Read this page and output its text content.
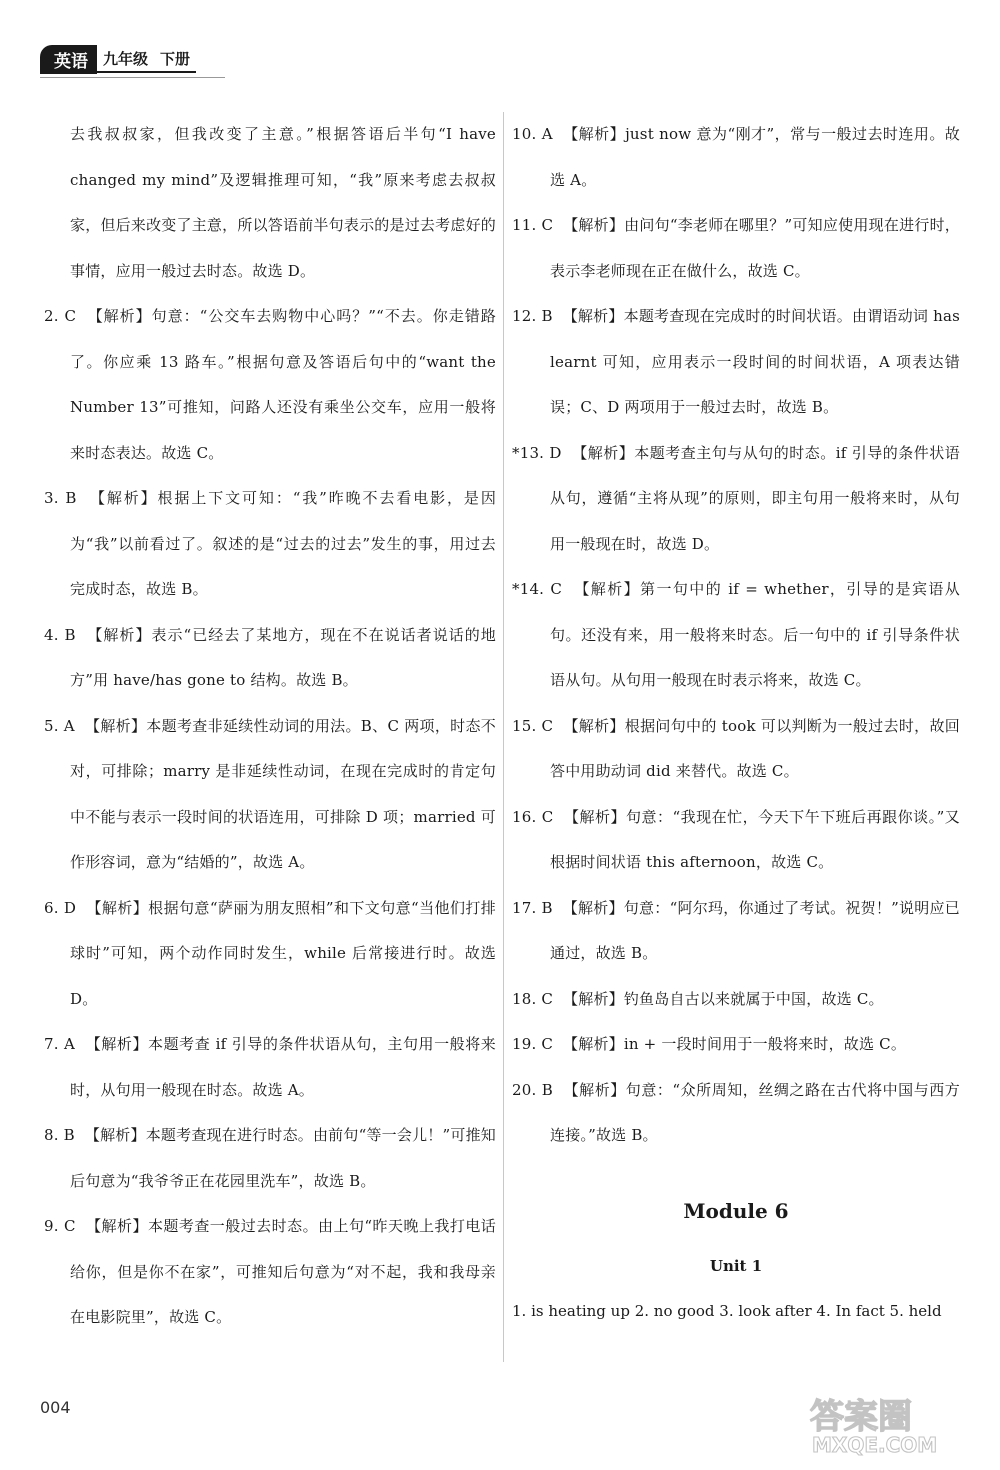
英语	九年级 下册

去我叔叔家，但我改变了主意。”根据答语后半句“I have changed my mind”及逻辑推理可知，“我”原来考虑去叔叔家，但后来改变了主意，所以答语前半句表示的是过去考虑好的事情，应用一般过去时态。故选 D。

2. C 【解析】句意：“公交车去购物中心吗？”“不去。你走错路了。你应乘 13 路车。”根据句意及答语后句中的“want the Number 13”可推知，问路人还没有乘坐公交车，应用一般将来时态表达。故选 C。

3. B 【解析】根据上下文可知：“我”昨晚不去看电影，是因为“我”以前看过了。叙述的是“过去的过去”发生的事，用过去完成时态，故选 B。

4. B 【解析】表示“已经去了某地方，现在不在说话者说话的地方”用 have/has gone to 结构。故选 B。

5. A 【解析】本题考查非延续性动词的用法。B、C 两项，时态不对，可排除；marry 是非延续性动词，在现在完成时的肯定句中不能与表示一段时间的状语连用，可排除 D 项；married 可作形容词，意为“结婚的”，故选 A。

6. D 【解析】根据句意“萨丽为朋友照相”和下文句意“当他们打排球时”可知，两个动作同时发生，while 后常接进行时。故选 D。

7. A 【解析】本题考查 if 引导的条件状语从句，主句用一般将来时，从句用一般现在时态。故选 A。

8. B 【解析】本题考查现在进行时态。由前句“等一会儿！”可推知后句意为“我爷爷正在花园里洗车”，故选 B。

9. C 【解析】本题考查一般过去时态。由上句“昨天晚上我打电话给你，但是你不在家”，可推知后句意为“对不起，我和我母亲在电影院里”，故选 C。

10. A 【解析】just now 意为“刚才”，常与一般过去时连用。故选 A。

11. C 【解析】由问句“李老师在哪里？”可知应使用现在进行时，表示李老师现在正在做什么，故选 C。

12. B 【解析】本题考查现在完成时的时间状语。由谓语动词 has learnt 可知，应用表示一段时间的时间状语，A 项表达错误；C、D 两项用于一般过去时，故选 B。

*13. D 【解析】本题考查主句与从句的时态。if 引导的条件状语从句，遵循“主将从现”的原则，即主句用一般将来时，从句用一般现在时，故选 D。

*14. C 【解析】第一句中的 if = whether，引导的是宾语从句。还没有来，用一般将来时态。后一句中的 if 引导条件状语从句。从句用一般现在时表示将来，故选 C。

15. C 【解析】根据问句中的 took 可以判断为一般过去时，故回答中用助动词 did 来替代。故选 C。

16. C 【解析】句意：“我现在忙，今天下午下班后再跟你谈。”又根据时间状语 this afternoon，故选 C。

17. B 【解析】句意：“阿尔玛，你通过了考试。祝贺！”说明应已通过，故选 B。

18. C 【解析】钓鱼岛自古以来就属于中国，故选 C。

19. C 【解析】in + 一段时间用于一般将来时，故选 C。

20. B 【解析】句意：“众所周知，丝绸之路在古代将中国与西方连接。”故选 B。

Module 6

Unit 1

1. is heating up 2. no good 3. look after 4. In fact 5. held

004	答案圈
MXQE.COM
